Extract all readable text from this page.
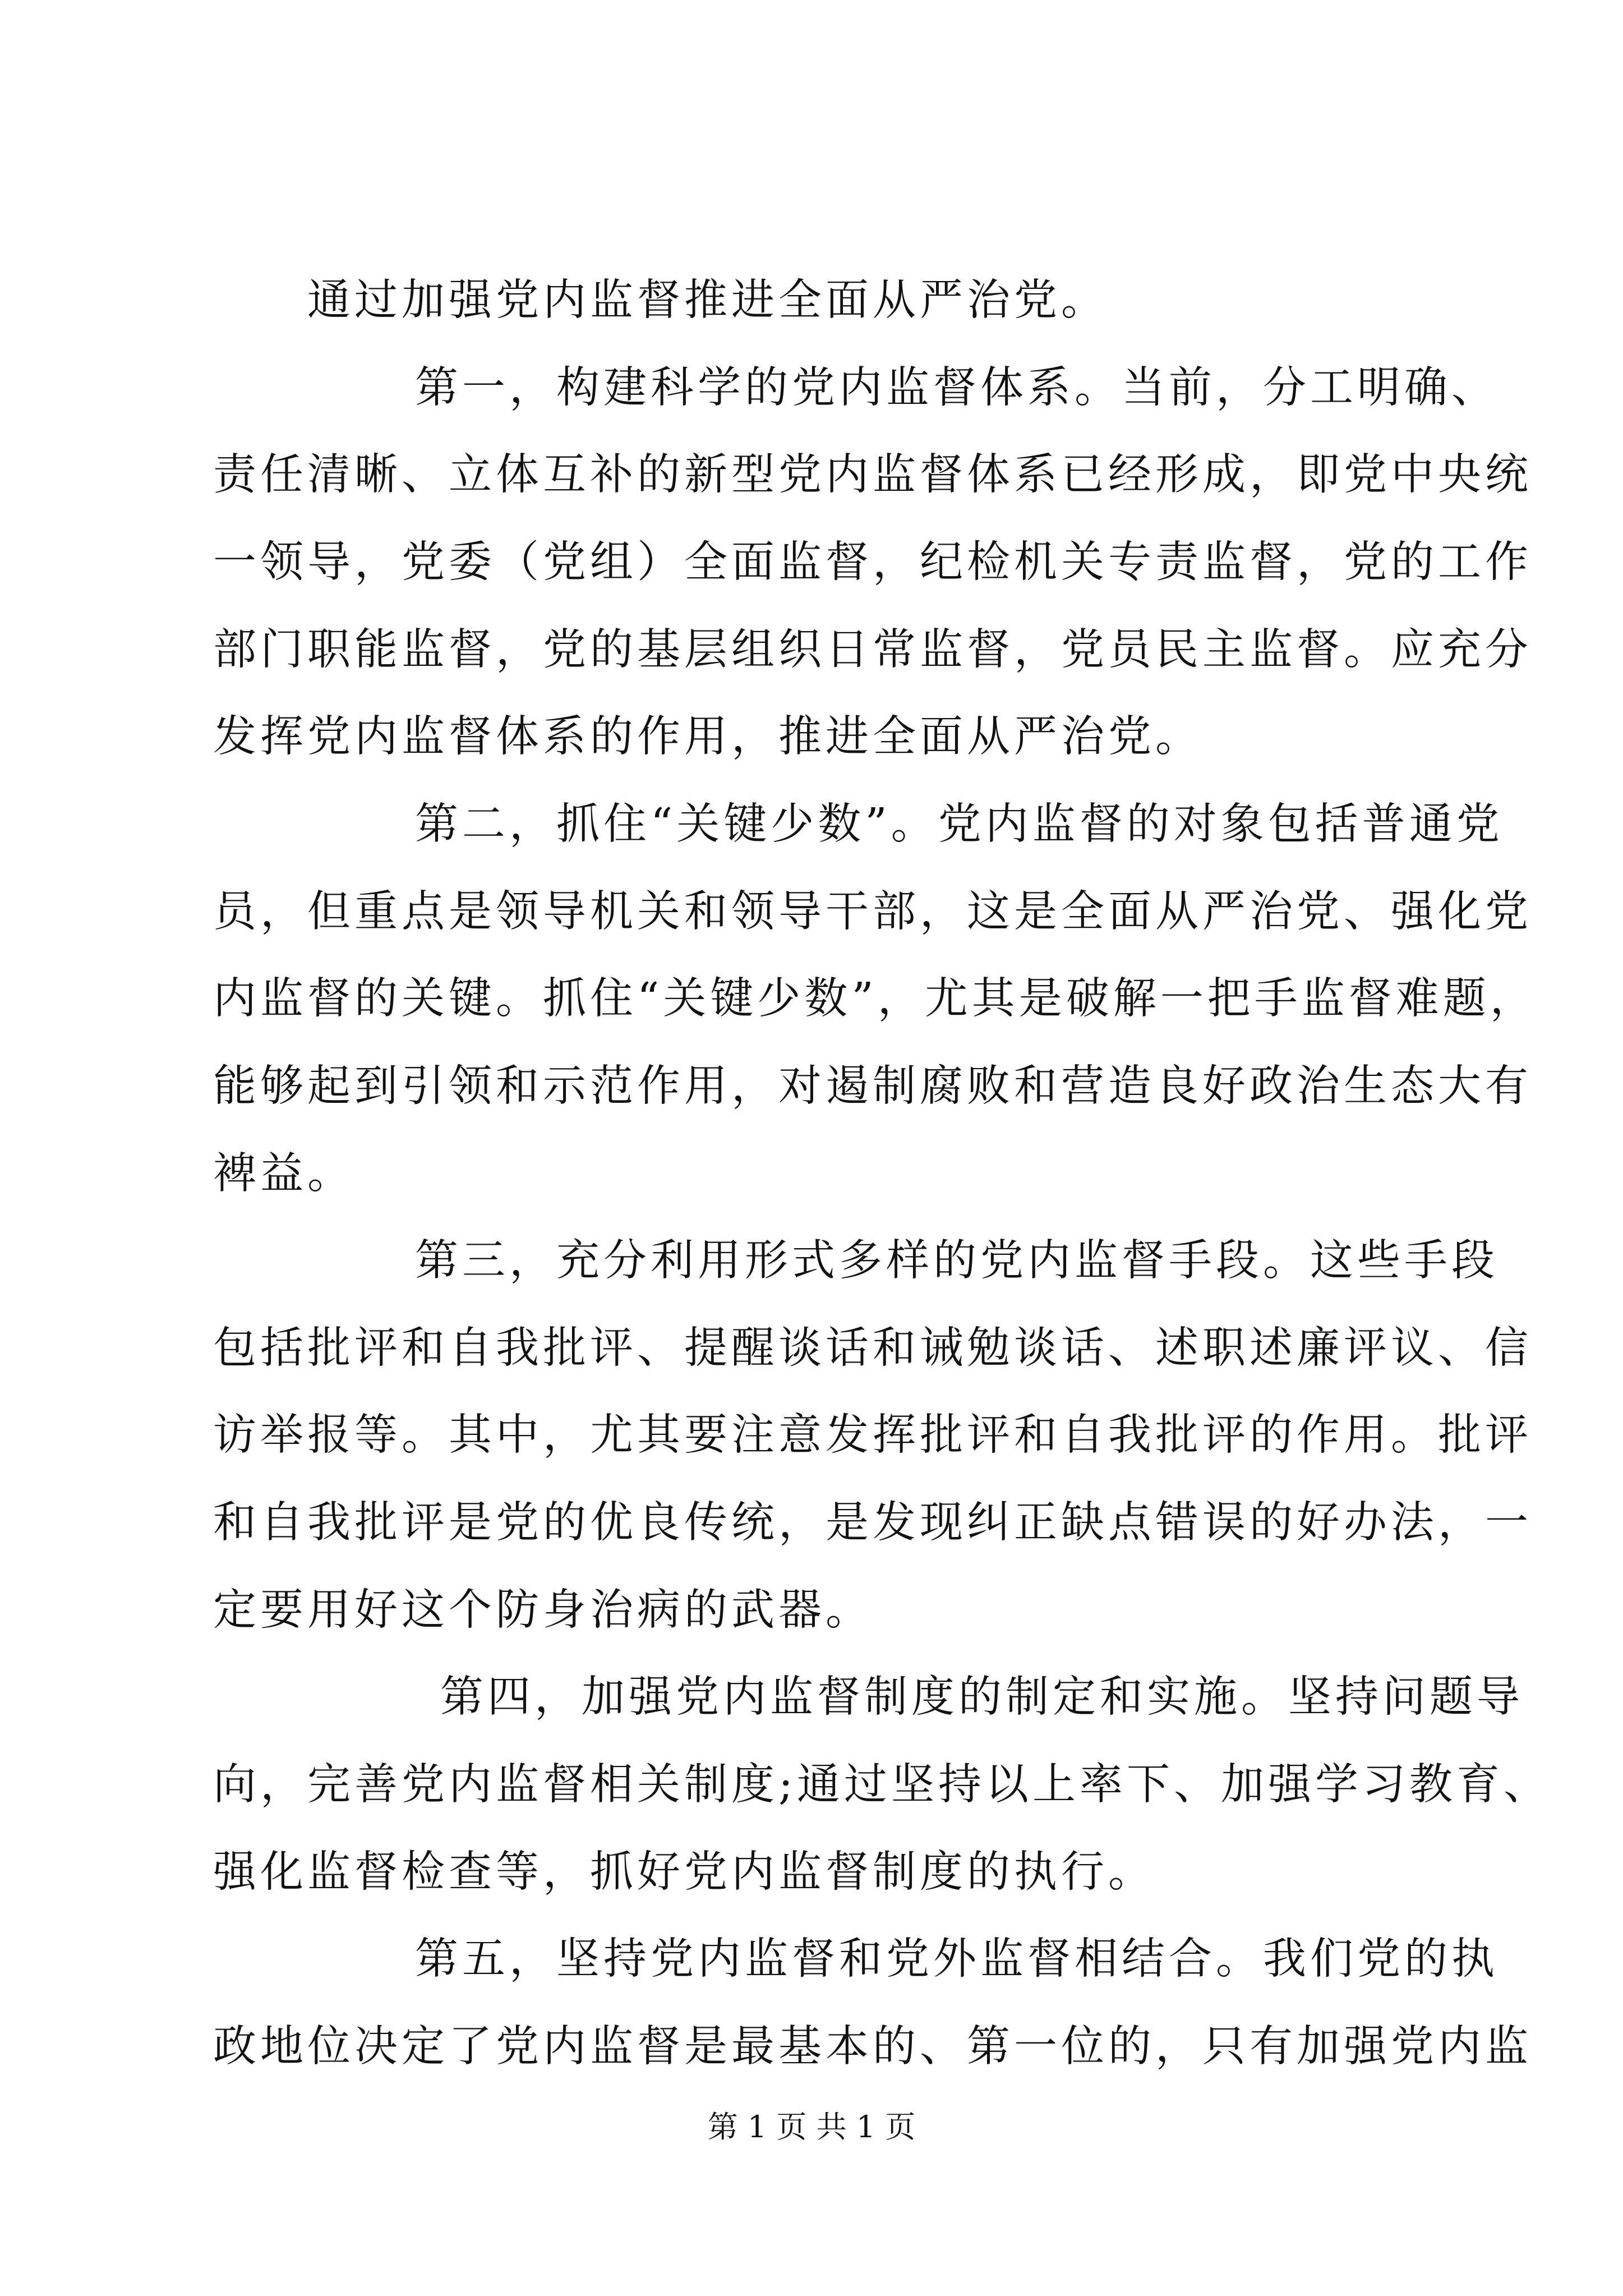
通过加强党内监督推进全面从严治党。
第一，构建科学的党内监督体系。当前，分工明确、
责任清晰、立体互补的新型党内监督体系已经形成，即党中央统
一领导，党委（党组）全面监督，纪检机关专责监督，党的工作
部门职能监督，党的基层组织日常监督，党员民主监督。应充分
发挥党内监督体系的作用，推进全面从严治党。
第二，抓住“关键少数”。党内监督的对象包括普通党
员，但重点是领导机关和领导干部，这是全面从严治党、强化党
内监督的关键。抓住“关键少数”，尤其是破解一把手监督难题，
能够起到引领和示范作用，对遏制腐败和营造良好政治生态大有
裨益。
第三，充分利用形式多样的党内监督手段。这些手段
包括批评和自我批评、提醒谈话和诫勉谈话、述职述廉评议、信
访举报等。其中，尤其要注意发挥批评和自我批评的作用。批评
和自我批评是党的优良传统，是发现纠正缺点错误的好办法，一
定要用好这个防身治病的武器。
第四，加强党内监督制度的制定和实施。坚持问题导
向，完善党内监督相关制度;通过坚持以上率下、加强学习教育、
强化监督检查等，抓好党内监督制度的执行。
第五，坚持党内监督和党外监督相结合。我们党的执
政地位决定了党内监督是最基本的、第一位的，只有加强党内监
第 1 页 共 1 页
